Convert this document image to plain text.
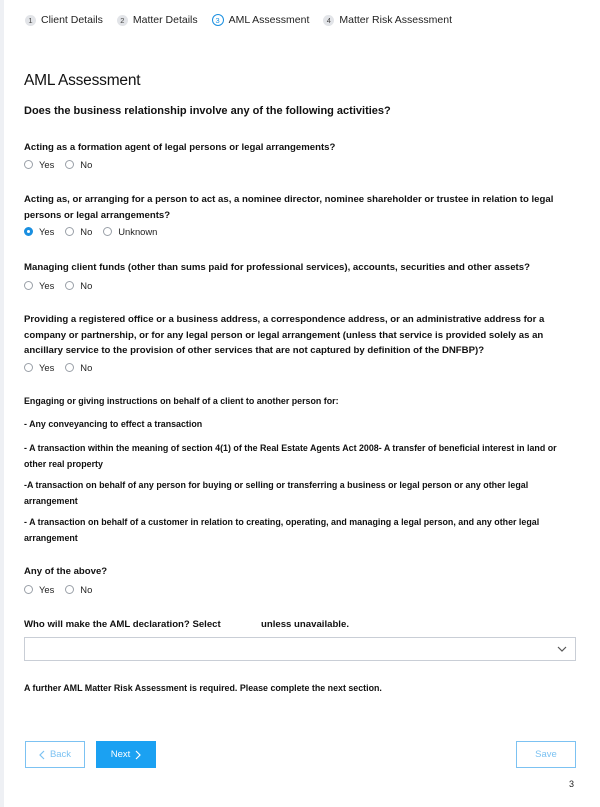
1 Client Details	2 Matter Details	3 AML Assessment	4 Matter Risk Assessment
AML Assessment

Does the business relationship involve any of the following activities?

Acting as a formation agent of legal persons or legal arrangements?

Yes	No

Acting as, or arranging for a person to act as, a nominee director, nominee shareholder or trustee in relation to legal persons or legal arrangements?

Yes	No	Unknown

Managing client funds (other than sums paid for professional services), accounts, securities and other assets?

Yes	No

Providing a registered office or a business address, a correspondence address, or an administrative address for a company or partnership, or for any legal person or legal arrangement (unless that service is provided solely as an ancillary service to the provision of other services that are not captured by definition of the DNFBP)?

Yes	No

Engaging or giving instructions on behalf of a client to another person for:

- Any conveyancing to effect a transaction

- A transaction within the meaning of section 4(1) of the Real Estate Agents Act 2008- A transfer of beneficial interest in land or other real property

-A transaction on behalf of any person for buying or selling or transferring a business or legal person or any other legal arrangement

- A transaction on behalf of a customer in relation to creating, operating, and managing a legal person, and any other legal arrangement

Any of the above?

Yes	No

Who will make the AML declaration? Select	unless unavailable.

A further AML Matter Risk Assessment is required. Please complete the next section.

Back	Next	Save
3
